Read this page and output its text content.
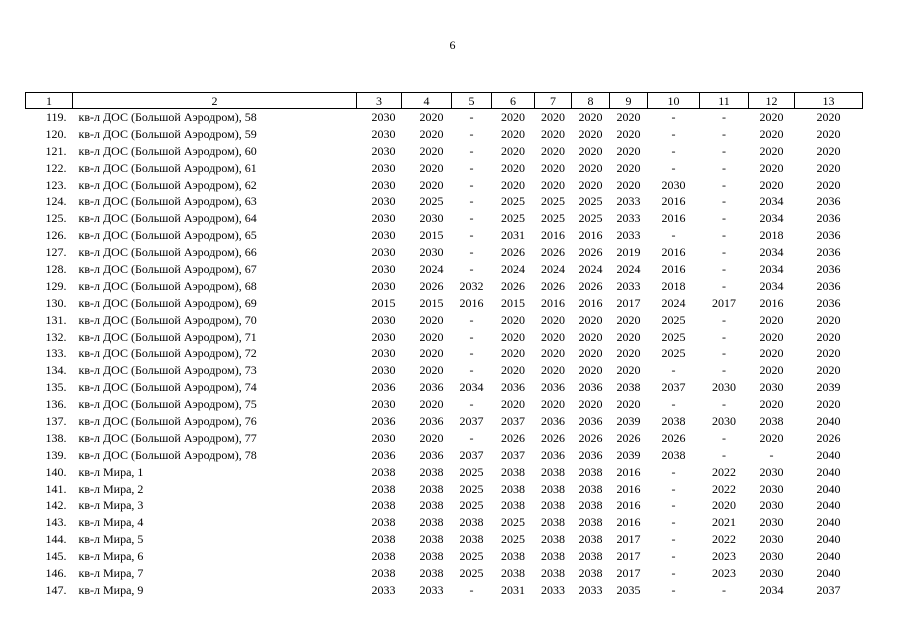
6
1	2	3	4	5	6	7	8	9	10	11	12	13
119.	кв-л ДОС (Большой Аэродром), 58	2030	2020	-	2020	2020	2020	2020	-	-	2020	2020
120.	кв-л ДОС (Большой Аэродром), 59	2030	2020	-	2020	2020	2020	2020	-	-	2020	2020
121.	кв-л ДОС (Большой Аэродром), 60	2030	2020	-	2020	2020	2020	2020	-	-	2020	2020
122.	кв-л ДОС (Большой Аэродром), 61	2030	2020	-	2020	2020	2020	2020	-	-	2020	2020
123.	кв-л ДОС (Большой Аэродром), 62	2030	2020	-	2020	2020	2020	2020	2030	-	2020	2020
124.	кв-л ДОС (Большой Аэродром), 63	2030	2025	-	2025	2025	2025	2033	2016	-	2034	2036
125.	кв-л ДОС (Большой Аэродром), 64	2030	2030	-	2025	2025	2025	2033	2016	-	2034	2036
126.	кв-л ДОС (Большой Аэродром), 65	2030	2015	-	2031	2016	2016	2033	-	-	2018	2036
127.	кв-л ДОС (Большой Аэродром), 66	2030	2030	-	2026	2026	2026	2019	2016	-	2034	2036
128.	кв-л ДОС (Большой Аэродром), 67	2030	2024	-	2024	2024	2024	2024	2016	-	2034	2036
129.	кв-л ДОС (Большой Аэродром), 68	2030	2026	2032	2026	2026	2026	2033	2018	-	2034	2036
130.	кв-л ДОС (Большой Аэродром), 69	2015	2015	2016	2015	2016	2016	2017	2024	2017	2016	2036
131.	кв-л ДОС (Большой Аэродром), 70	2030	2020	-	2020	2020	2020	2020	2025	-	2020	2020
132.	кв-л ДОС (Большой Аэродром), 71	2030	2020	-	2020	2020	2020	2020	2025	-	2020	2020
133.	кв-л ДОС (Большой Аэродром), 72	2030	2020	-	2020	2020	2020	2020	2025	-	2020	2020
134.	кв-л ДОС (Большой Аэродром), 73	2030	2020	-	2020	2020	2020	2020	-	-	2020	2020
135.	кв-л ДОС (Большой Аэродром), 74	2036	2036	2034	2036	2036	2036	2038	2037	2030	2030	2039
136.	кв-л ДОС (Большой Аэродром), 75	2030	2020	-	2020	2020	2020	2020	-	-	2020	2020
137.	кв-л ДОС (Большой Аэродром), 76	2036	2036	2037	2037	2036	2036	2039	2038	2030	2038	2040
138.	кв-л ДОС (Большой Аэродром), 77	2030	2020	-	2026	2026	2026	2026	2026	-	2020	2026
139.	кв-л ДОС (Большой Аэродром), 78	2036	2036	2037	2037	2036	2036	2039	2038	-	-	2040
140.	кв-л Мира, 1	2038	2038	2025	2038	2038	2038	2016	-	2022	2030	2040
141.	кв-л Мира, 2	2038	2038	2025	2038	2038	2038	2016	-	2022	2030	2040
142.	кв-л Мира, 3	2038	2038	2025	2038	2038	2038	2016	-	2020	2030	2040
143.	кв-л Мира, 4	2038	2038	2038	2025	2038	2038	2016	-	2021	2030	2040
144.	кв-л Мира, 5	2038	2038	2038	2025	2038	2038	2017	-	2022	2030	2040
145.	кв-л Мира, 6	2038	2038	2025	2038	2038	2038	2017	-	2023	2030	2040
146.	кв-л Мира, 7	2038	2038	2025	2038	2038	2038	2017	-	2023	2030	2040
147.	кв-л Мира, 9	2033	2033	-	2031	2033	2033	2035	-	-	2034	2037
